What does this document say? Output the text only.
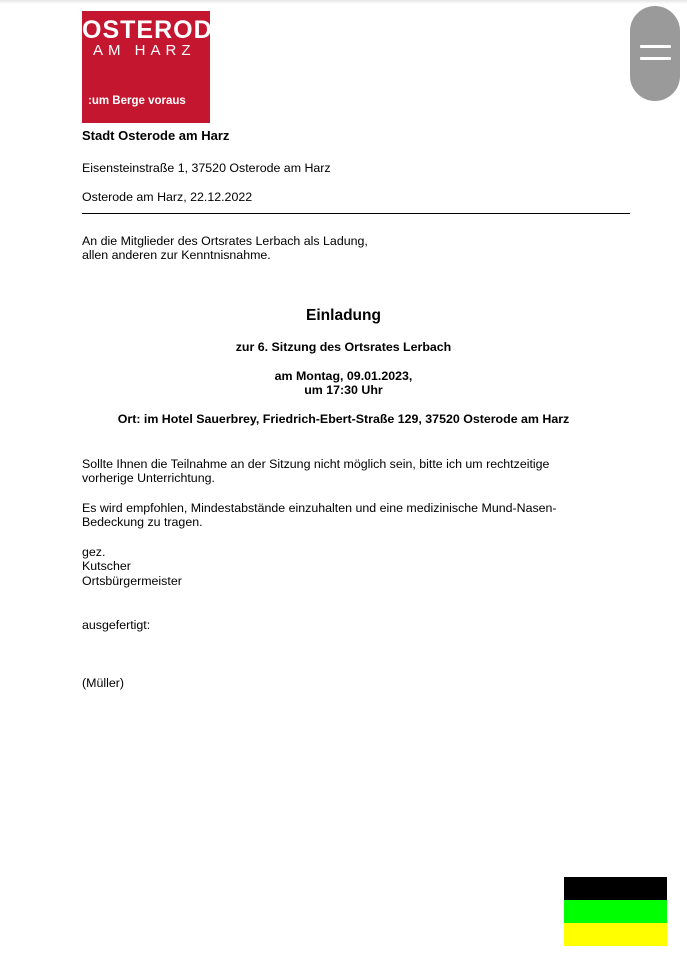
OSTERODE
AM HARZ
:um Berge voraus
Stadt Osterode am Harz
Eisensteinstraße 1, 37520 Osterode am Harz
Osterode am Harz, 22.12.2022
An die Mitglieder des Ortsrates Lerbach als Ladung,
allen anderen zur Kenntnisnahme.
Einladung
zur 6. Sitzung des Ortsrates Lerbach
am Montag, 09.01.2023,
um 17:30 Uhr
Ort: im Hotel Sauerbrey, Friedrich-Ebert-Straße 129, 37520 Osterode am Harz
Sollte Ihnen die Teilnahme an der Sitzung nicht möglich sein, bitte ich um rechtzeitige
vorherige Unterrichtung.
Es wird empfohlen, Mindestabstände einzuhalten und eine medizinische Mund-Nasen-
Bedeckung zu tragen.
gez.
Kutscher
Ortsbürgermeister
ausgefertigt:
(Müller)
